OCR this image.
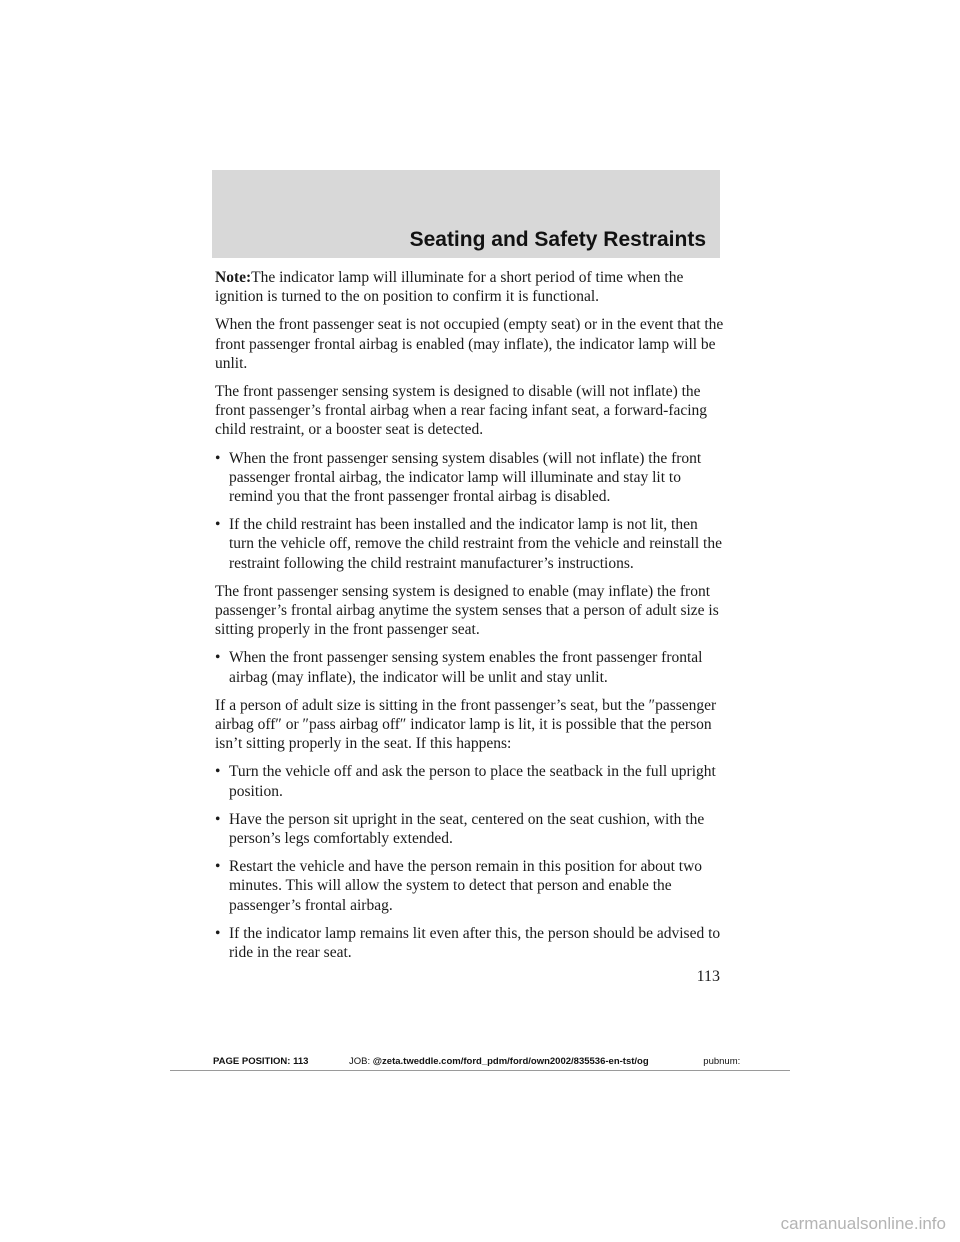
Seating and Safety Restraints

Note:The indicator lamp will illuminate for a short period of time when the ignition is turned to the on position to confirm it is functional.

When the front passenger seat is not occupied (empty seat) or in the event that the front passenger frontal airbag is enabled (may inflate), the indicator lamp will be unlit.

The front passenger sensing system is designed to disable (will not inflate) the front passenger’s frontal airbag when a rear facing infant seat, a forward-facing child restraint, or a booster seat is detected.

• When the front passenger sensing system disables (will not inflate) the front passenger frontal airbag, the indicator lamp will illuminate and stay lit to remind you that the front passenger frontal airbag is disabled.
• If the child restraint has been installed and the indicator lamp is not lit, then turn the vehicle off, remove the child restraint from the vehicle and reinstall the restraint following the child restraint manufacturer’s instructions.

The front passenger sensing system is designed to enable (may inflate) the front passenger’s frontal airbag anytime the system senses that a person of adult size is sitting properly in the front passenger seat.

• When the front passenger sensing system enables the front passenger frontal airbag (may inflate), the indicator will be unlit and stay unlit.

If a person of adult size is sitting in the front passenger’s seat, but the ″passenger airbag off″ or ″pass airbag off″ indicator lamp is lit, it is possible that the person isn’t sitting properly in the seat. If this happens:

• Turn the vehicle off and ask the person to place the seatback in the full upright position.
• Have the person sit upright in the seat, centered on the seat cushion, with the person’s legs comfortably extended.
• Restart the vehicle and have the person remain in this position for about two minutes. This will allow the system to detect that person and enable the passenger’s frontal airbag.
• If the indicator lamp remains lit even after this, the person should be advised to ride in the rear seat.
113
PAGE POSITION: 113	JOB: @zeta.tweddle.com/ford_pdm/ford/own2002/835536-en-tst/og	pubnum:
carmanualsonline.info
